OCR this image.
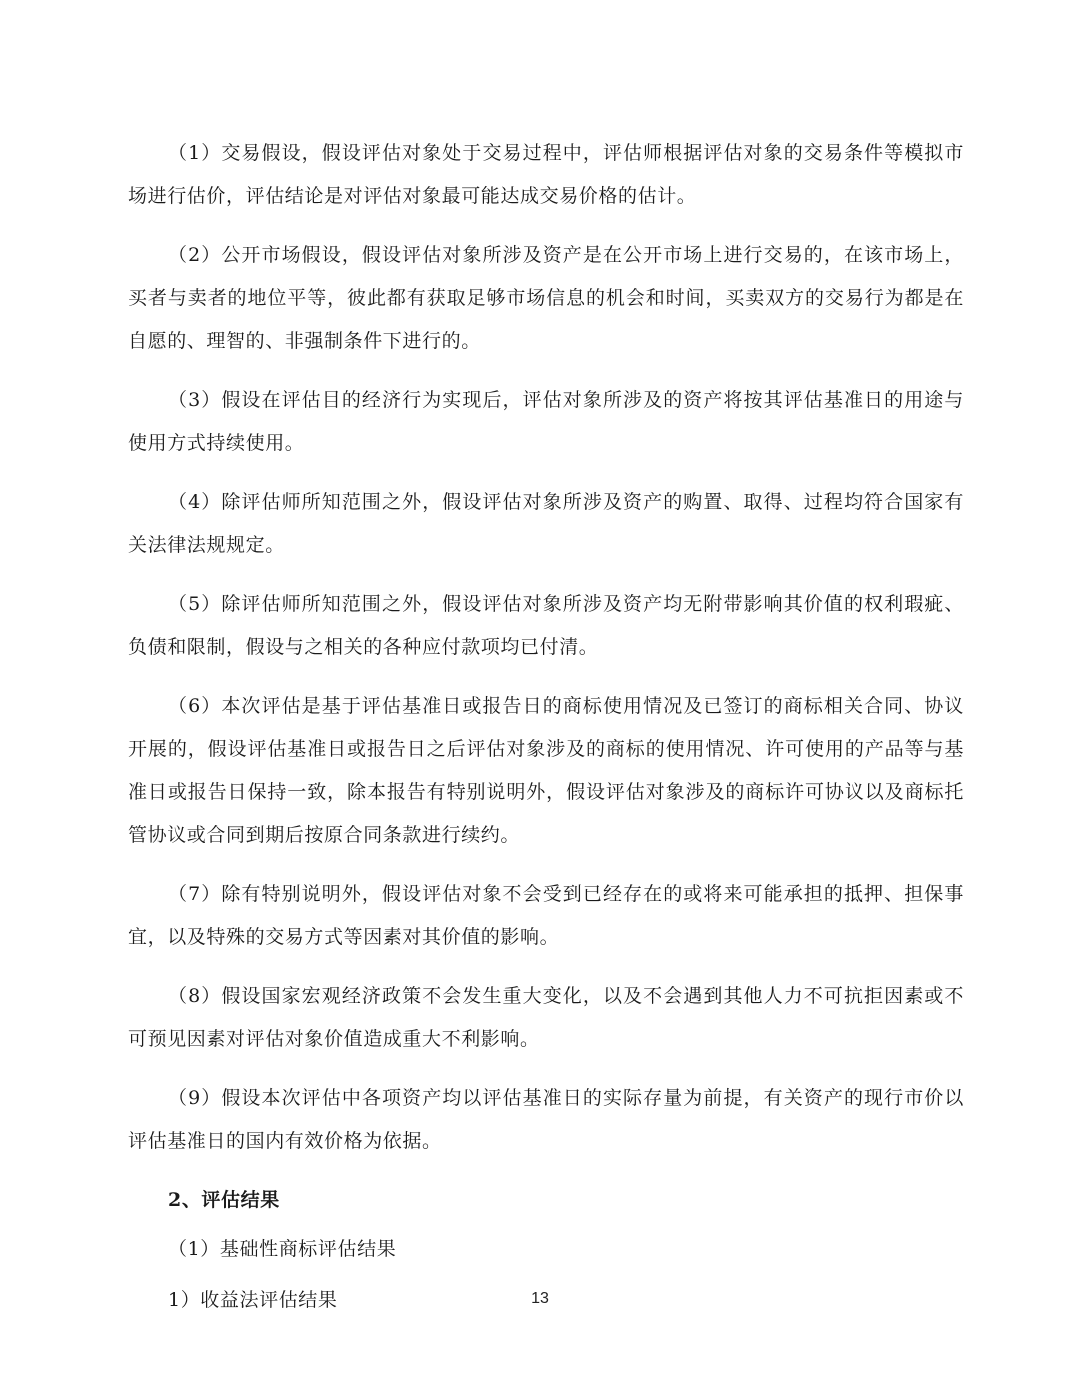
（1）交易假设，假设评估对象处于交易过程中，评估师根据评估对象的交易条件等模拟市场进行估价，评估结论是对评估对象最可能达成交易价格的估计。

（2）公开市场假设，假设评估对象所涉及资产是在公开市场上进行交易的，在该市场上，买者与卖者的地位平等，彼此都有获取足够市场信息的机会和时间，买卖双方的交易行为都是在自愿的、理智的、非强制条件下进行的。

（3）假设在评估目的经济行为实现后，评估对象所涉及的资产将按其评估基准日的用途与使用方式持续使用。

（4）除评估师所知范围之外，假设评估对象所涉及资产的购置、取得、过程均符合国家有关法律法规规定。

（5）除评估师所知范围之外，假设评估对象所涉及资产均无附带影响其价值的权利瑕疵、负债和限制，假设与之相关的各种应付款项均已付清。

（6）本次评估是基于评估基准日或报告日的商标使用情况及已签订的商标相关合同、协议开展的，假设评估基准日或报告日之后评估对象涉及的商标的使用情况、许可使用的产品等与基准日或报告日保持一致，除本报告有特别说明外，假设评估对象涉及的商标许可协议以及商标托管协议或合同到期后按原合同条款进行续约。

（7）除有特别说明外，假设评估对象不会受到已经存在的或将来可能承担的抵押、担保事宜，以及特殊的交易方式等因素对其价值的影响。

（8）假设国家宏观经济政策不会发生重大变化，以及不会遇到其他人力不可抗拒因素或不可预见因素对评估对象价值造成重大不利影响。

（9）假设本次评估中各项资产均以评估基准日的实际存量为前提，有关资产的现行市价以评估基准日的国内有效价格为依据。

2、评估结果

（1）基础性商标评估结果

1）收益法评估结果	13
